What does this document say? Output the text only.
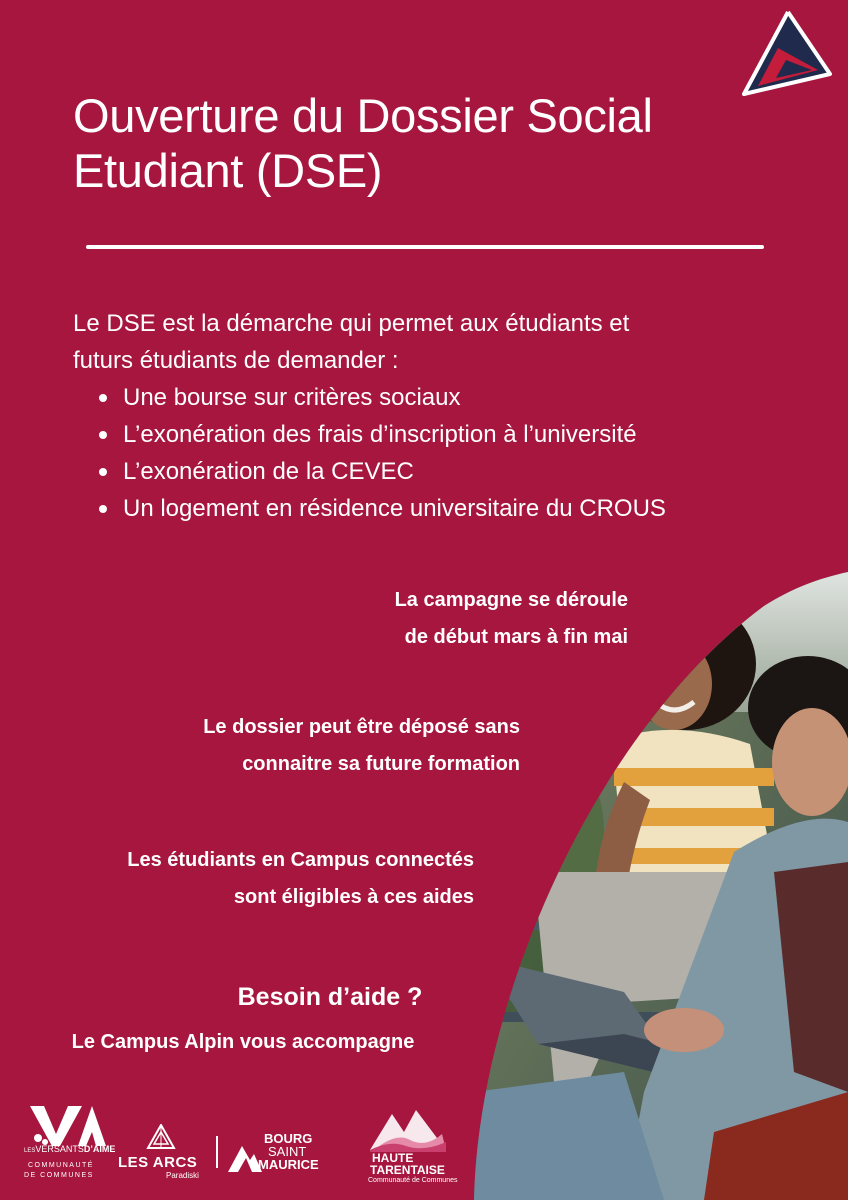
Ouverture du Dossier Social
Etudiant (DSE)

Le DSE est la démarche qui permet aux étudiants et

futurs étudiants de demander :

Une bourse sur critères sociaux
L’exonération des frais d’inscription à l’université
L’exonération de la CEVEC
Un logement en résidence universitaire du CROUS

La campagne se déroule
de début mars à fin mai

Le dossier peut être déposé sans
connaitre sa future formation

Les étudiants en Campus connectés
sont éligibles à ces aides

Besoin d’aide ?

Le Campus Alpin vous accompagne

LESVERSANTSD’AIME
COMMUNAUTÉ
DE COMMUNES
LES ARCS
Paradiski
BOURG
SAINT
MAURICE	HAUTE
TARENTAISE
Communauté de Communes
